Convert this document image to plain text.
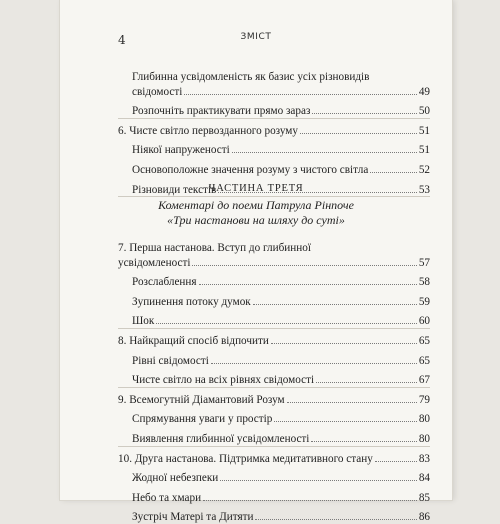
4	ЗМІСТ
Глибинна усвідомленість як базис усіх різновидів
свідомості	49
Розпочніть практикувати прямо зараз	50
6. Чисте світло первозданного розуму	51
Ніякої напруженості	51
Основоположне значення розуму з чистого світла	52
Різновиди текстів	53
ЧАСТИНА ТРЕТЯ
Коментарі до поеми Патрула Рінпоче
«Три настанови на шляху до суті»
7. Перша настанова. Вступ до глибинної
усвідомленості	57
Розслаблення	58
Зупинення потоку думок	59
Шок	60
8. Найкращий спосіб відпочити	65
Рівні свідомості	65
Чисте світло на всіх рівнях свідомості	67
9. Всемогутній Діамантовий Розум	79
Спрямування уваги у простір	80
Виявлення глибинної усвідомленості	80
10. Друга настанова. Підтримка медитативного стану	83
Жодної небезпеки	84
Небо та хмари	85
Зустріч Матері та Дитяти	86
